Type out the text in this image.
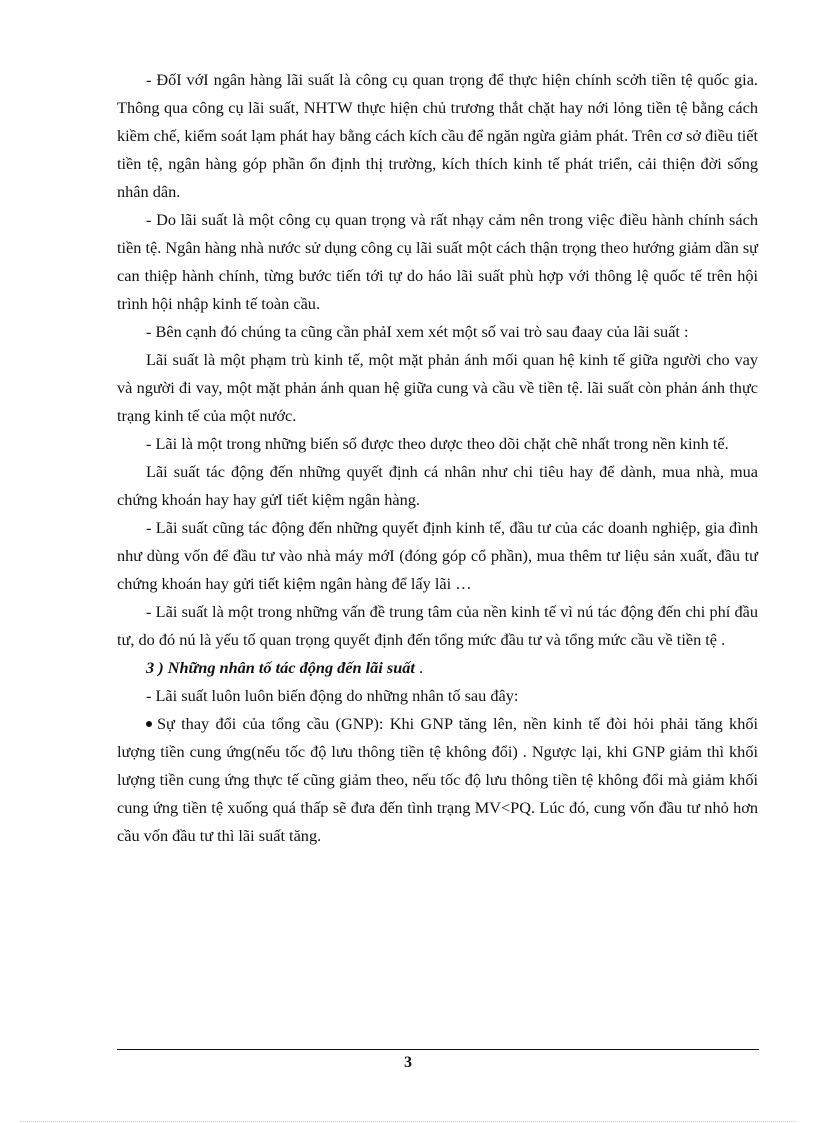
- ĐốI vớI ngân hàng lãi suất là công cụ quan trọng để thực hiện chính scởh tiền tệ quốc gia. Thông qua công cụ lãi suất, NHTW thực hiện chủ trương thắt chặt hay nới lỏng tiền tệ bằng cách kiềm chế, kiểm soát lạm phát hay bằng cách kích cầu để ngăn ngừa giảm phát. Trên cơ sở điều tiết tiền tệ, ngân hàng góp phần ổn định thị trường, kích thích kinh tế phát triển, cải thiện đời sống nhân dân.

- Do lãi suất là một công cụ quan trọng và rất nhạy cảm nên trong việc điều hành chính sách tiền tệ. Ngân hàng nhà nước sử dụng công cụ lãi suất một cách thận trọng theo hướng giảm dần sự can thiệp hành chính, từng bước tiến tới tự do háo lãi suất phù hợp với thông lệ quốc tế trên hội trình hội nhập kinh tế toàn cầu.

- Bên cạnh đó chúng ta cũng cần phảI xem xét một số vai trò sau đaay của lãi suất :

Lãi suất là một phạm trù kinh tế, một mặt phản ánh mối quan hệ kinh tế giữa người cho vay và người đi vay, một mặt phản ánh quan hệ giữa cung và cầu về tiền tệ. lãi suất còn phản ánh thực trạng kinh tế của một nước.

- Lãi là một trong những biến số được theo dược theo dõi chặt chẽ nhất trong nền kinh tế.

Lãi suất tác động đến những quyết định cá nhân như chi tiêu hay để dành, mua nhà, mua chứng khoán hay hay gửI tiết kiệm ngân hàng.

- Lãi suất cũng tác động đến những quyết định kinh tế, đầu tư của các doanh nghiệp, gia đình như dùng vốn để đầu tư vào nhà máy mớI (đóng góp cổ phần), mua thêm tư liệu sản xuất, đầu tư chứng khoán hay gửi tiết kiệm ngân hàng để lấy lãi …

- Lãi suất là một trong những vấn đề trung tâm của nền kinh tế vì nú tác động đến chi phí đầu tư, do đó nú là yếu tố quan trọng quyết định đến tổng mức đầu tư và tổng mức cầu về tiền tệ .

3 ) Những nhân tố tác động đến lãi suất .

- Lãi suất luôn luôn biến động do những nhân tố sau đây:

Sự thay đổi của tổng cầu (GNP): Khi GNP tăng lên, nền kinh tế đòi hỏi phải tăng khối lượng tiền cung ứng(nếu tốc độ lưu thông tiền tệ không đổi) . Ngược lại, khi GNP giảm thì khối lượng tiền cung ứng thực tế cũng giảm theo, nếu tốc độ lưu thông tiền tệ không đổi mà giảm khối cung ứng tiền tệ xuống quá thấp sẽ đưa đến tình trạng MV<PQ. Lúc đó, cung vốn đầu tư nhỏ hơn cầu vốn đầu tư thì lãi suất tăng.

3
